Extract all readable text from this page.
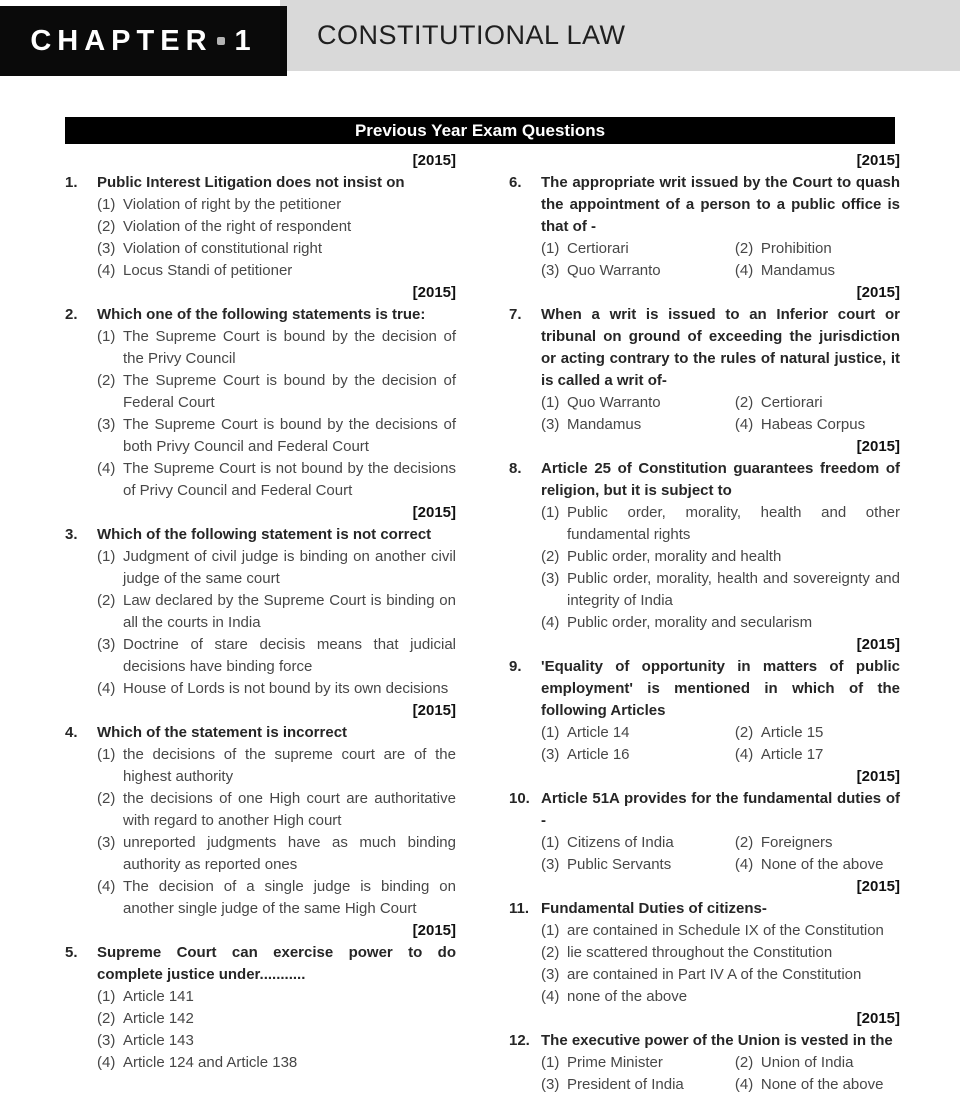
CONSTITUTIONAL LAW
CHAPTER 1
Previous Year Exam Questions
[2015]
1.	Public Interest Litigation does not insist on
(1) Violation of right by the petitioner
(2) Violation of the right of respondent
(3) Violation of constitutional right
(4) Locus Standi of petitioner
[2015]
2.	Which one of the following statements is true:
(1) The Supreme Court is bound by the decision of the Privy Council
(2) The Supreme Court is bound by the decision of Federal Court
(3) The Supreme Court is bound by the decisions of both Privy Council and Federal Court
(4) The Supreme Court is not bound by the decisions of Privy Council and Federal Court
[2015]
3.	Which of the following statement is not correct
(1) Judgment of civil judge is binding on another civil judge of the same court
(2) Law declared by the Supreme Court is binding on all the courts in India
(3) Doctrine of stare decisis means that judicial decisions have binding force
(4) House of Lords is not bound by its own decisions
[2015]
4.	Which of the statement is incorrect
(1) the decisions of the supreme court are of the highest authority
(2) the decisions of one High court are authoritative with regard to another High court
(3) unreported judgments have as much binding authority as reported ones
(4) The decision of a single judge is binding on another single judge of the same High Court
[2015]
5.	Supreme Court can exercise power to do complete justice under...........
(1) Article 141
(2) Article 142
(3) Article 143
(4) Article 124 and Article 138
[2015]
6.	The appropriate writ issued by the Court to quash the appointment of a person to a public office is that of -
(1) Certiorari	(2) Prohibition
(3) Quo Warranto	(4) Mandamus
[2015]
7.	When a writ is issued to an Inferior court or tribunal on ground of exceeding the jurisdiction or acting contrary to the rules of natural justice, it is called a writ of-
(1) Quo Warranto	(2) Certiorari
(3) Mandamus	(4) Habeas Corpus
[2015]
8.	Article 25 of Constitution guarantees freedom of religion, but it is subject to
(1) Public order, morality, health and other fundamental rights
(2) Public order, morality and health
(3) Public order, morality, health and sovereignty and integrity of India
(4) Public order, morality and secularism
[2015]
9.	'Equality of opportunity in matters of public employment' is mentioned in which of the following Articles
(1) Article 14	(2) Article 15
(3) Article 16	(4) Article 17
[2015]
10. Article 51A provides for the fundamental duties of -
(1) Citizens of India	(2) Foreigners
(3) Public Servants	(4) None of the above
[2015]
11. Fundamental Duties of citizens-
(1) are contained in Schedule IX of the Constitution
(2) lie scattered throughout the Constitution
(3) are contained in Part IV A of the Constitution
(4) none of the above
[2015]
12. The executive power of the Union is vested in the
(1) Prime Minister	(2) Union of India
(3) President of India	(4) None of the above
